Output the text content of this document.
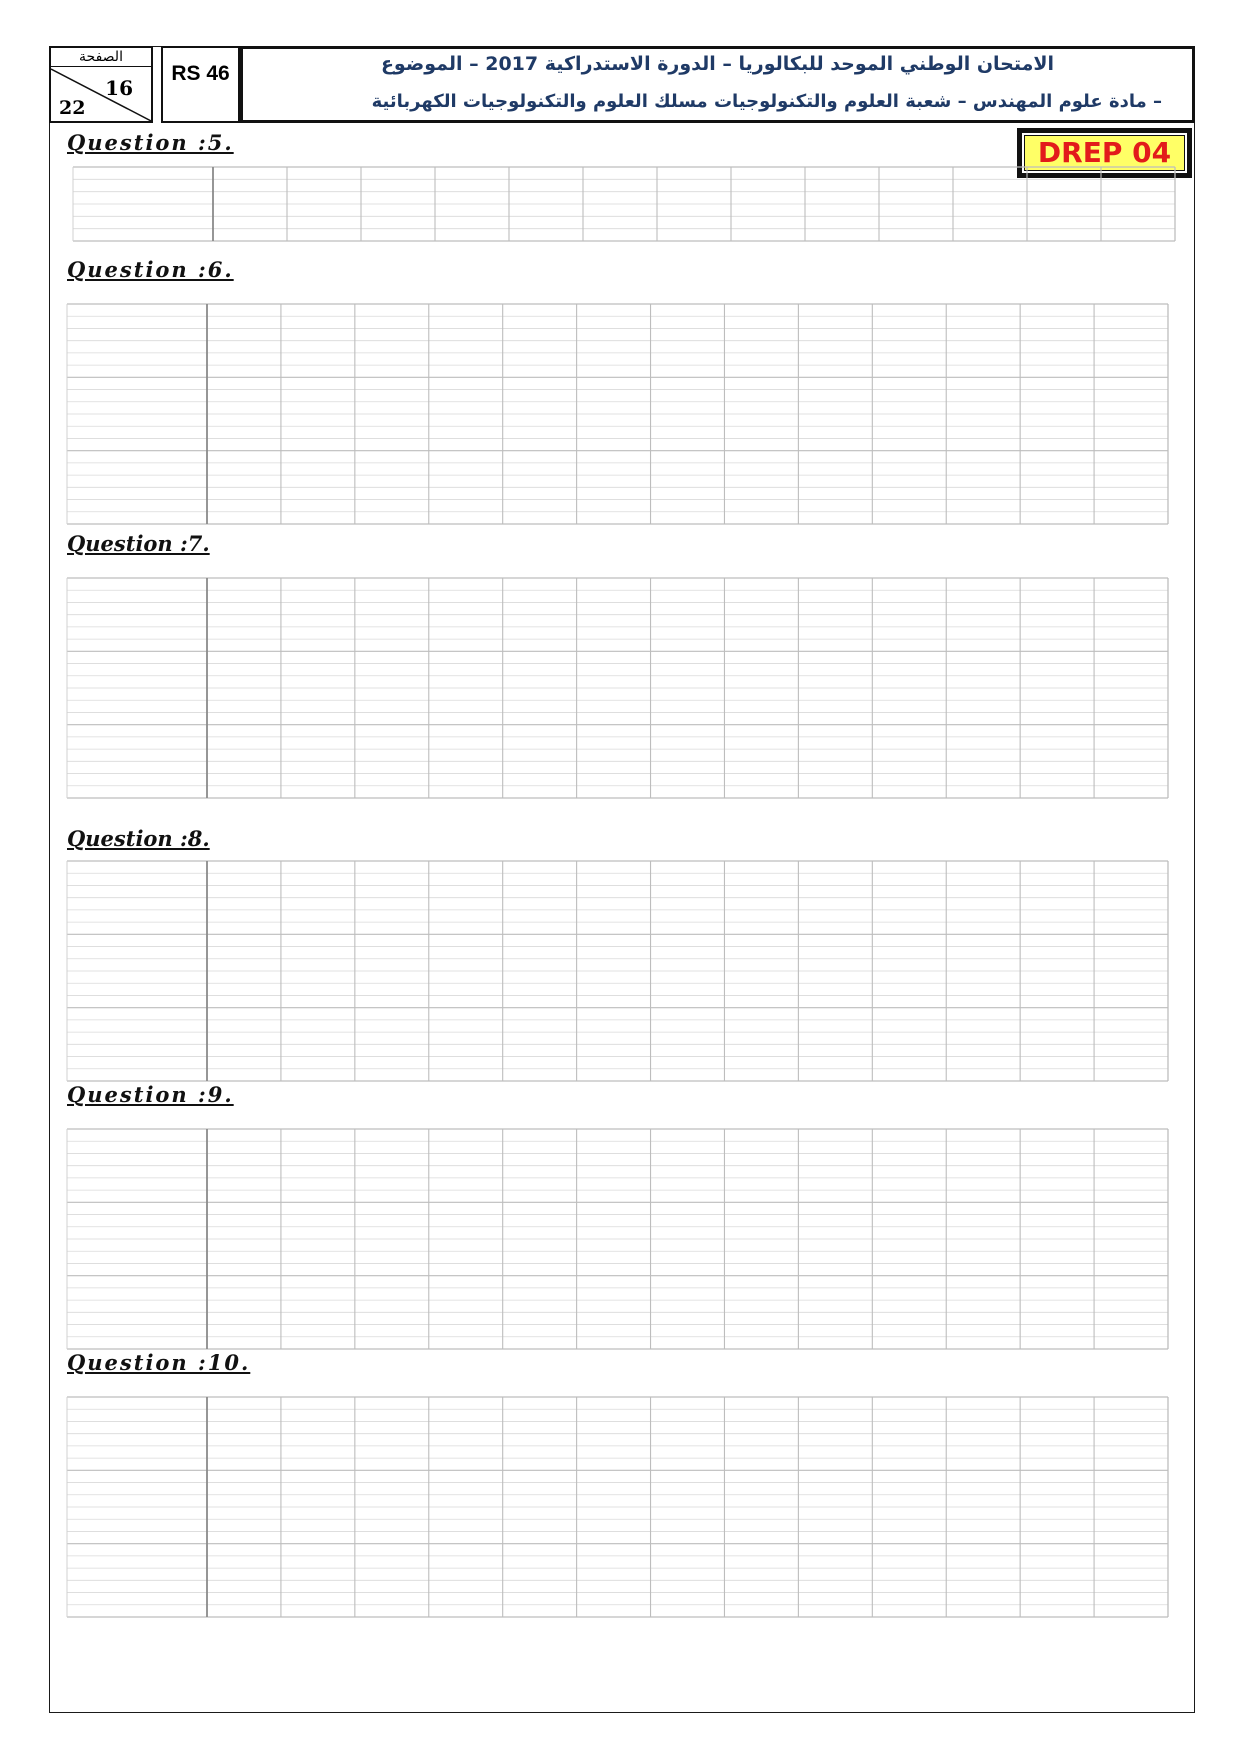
الصفحة
16
22
RS 46	الامتحان الوطني الموحد للبكالوريا – الدورة الاستدراكية 2017 – الموضوع
– مادة علوم المهندس – شعبة العلوم والتكنولوجيات مسلك العلوم والتكنولوجيات الكهربائية
DREP 04
Question :5.
Question :6.
Question :7.
Question :8.
Question :9.
Question :10.
